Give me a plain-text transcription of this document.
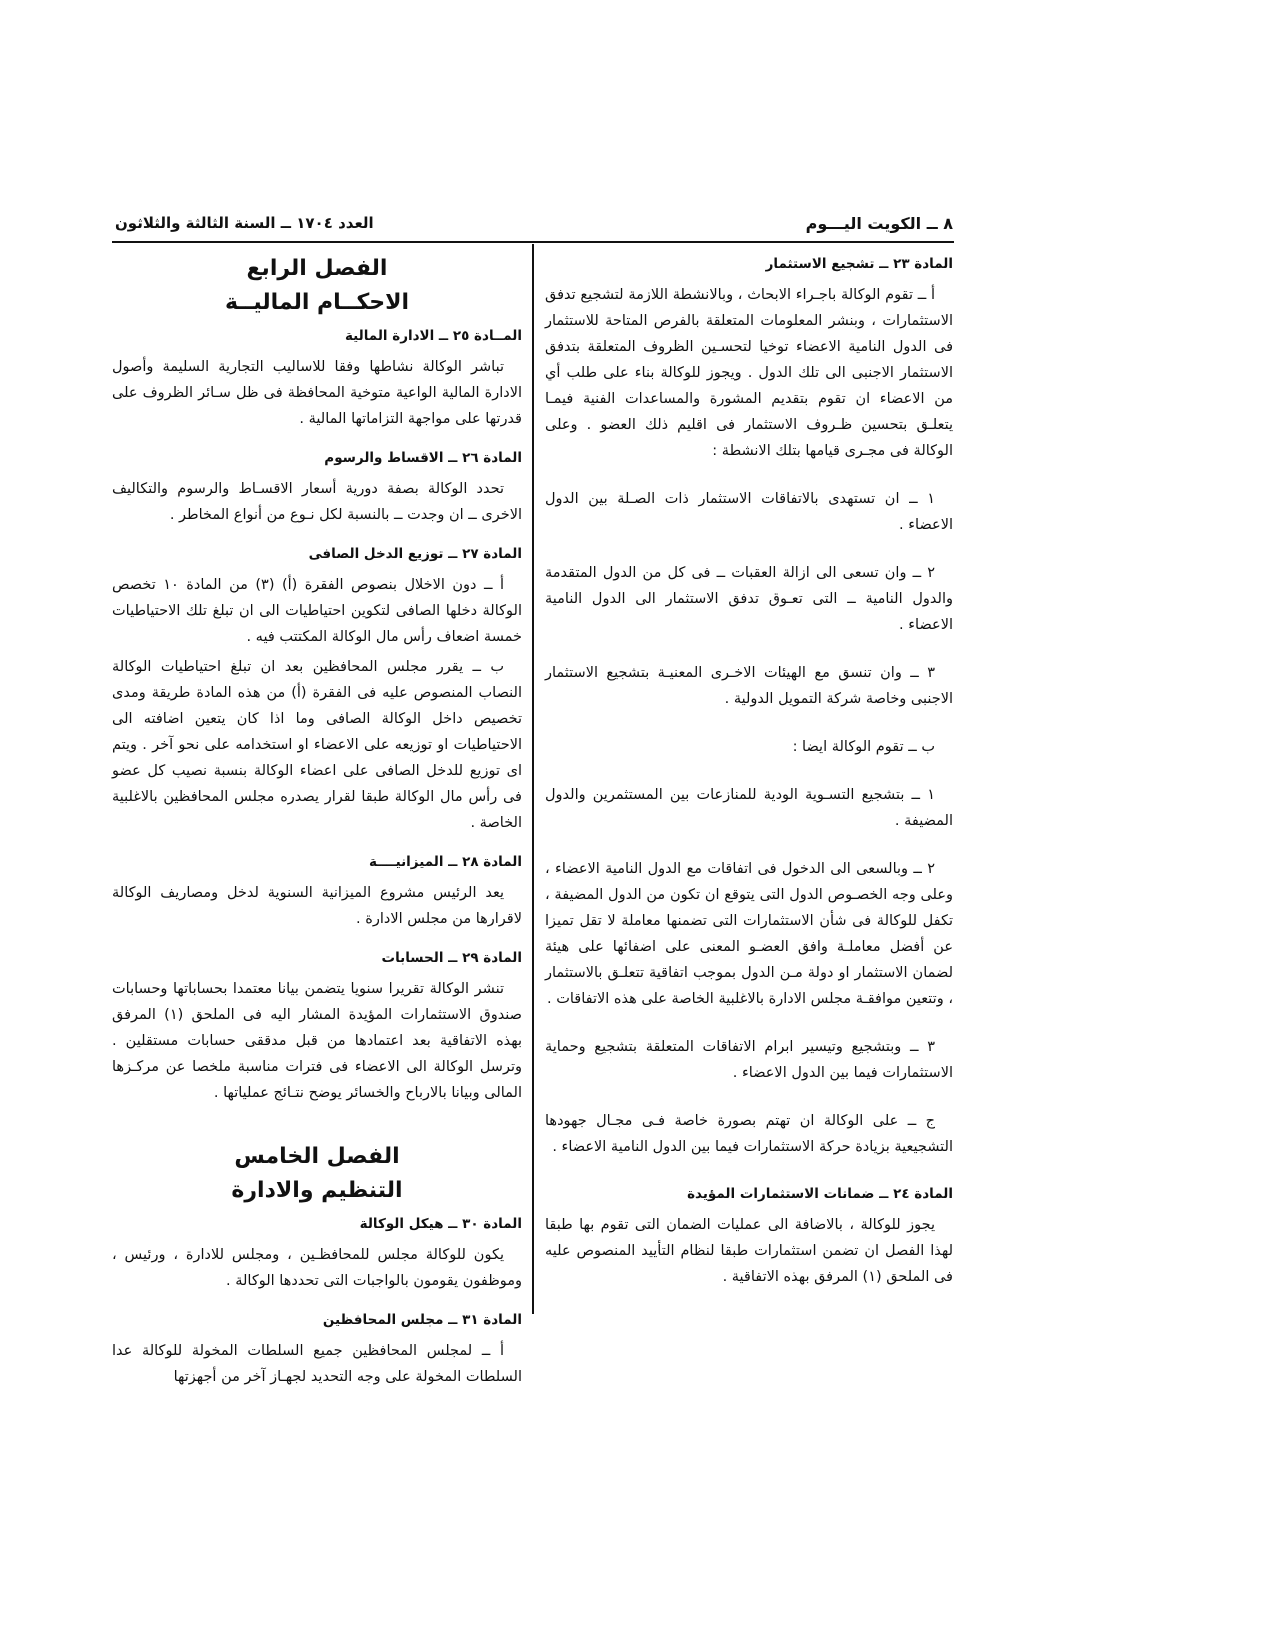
٨ ــ الكويت اليـــوم
العدد ١٧٠٤ ــ السنة الثالثة والثلاثون
المادة ٢٣ ــ تشجيع الاستثمار

أ ــ تقوم الوكالة باجـراء الابحاث ، وبالانشطة اللازمة لتشجيع تدفق الاستثمارات ، وبنشر المعلومات المتعلقة بالفرص المتاحة للاستثمار فى الدول النامية الاعضاء توخيا لتحسـين الظروف المتعلقة بتدفق الاستثمار الاجنبى الى تلك الدول . ويجوز للوكالة بناء على طلب أي من الاعضاء ان تقوم بتقديم المشورة والمساعدات الفنية فيمـا يتعلـق بتحسين ظـروف الاستثمار فى اقليم ذلك العضو . وعلى الوكالة فى مجـرى قيامها بتلك الانشطة :

١ ــ ان تستهدى بالاتفاقات الاستثمار ذات الصـلة بين الدول الاعضاء .

٢ ــ وان تسعى الى ازالة العقبات ــ فى كل من الدول المتقدمة والدول النامية ــ التى تعـوق تدفق الاستثمار الى الدول النامية الاعضاء .

٣ ــ وان تنسق مع الهيئات الاخـرى المعنيـة بتشجيع الاستثمار الاجنبى وخاصة شركة التمويل الدولية .

ب ــ تقوم الوكالة ايضا :

١ ــ بتشجيع التسـوية الودية للمنازعات بين المستثمرين والدول المضيفة .

٢ ــ وبالسعى الى الدخول فى اتفاقات مع الدول النامية الاعضاء ، وعلى وجه الخصـوص الدول التى يتوقع ان تكون من الدول المضيفة ، تكفل للوكالة فى شأن الاستثمارات التى تضمنها معاملة لا تقل تميزا عن أفضل معاملـة وافق العضـو المعنى على اضفائها على هيئة لضمان الاستثمار او دولة مـن الدول بموجب اتفاقية تتعلـق بالاستثمار ، وتتعين موافقـة مجلس الادارة بالاغلبية الخاصة على هذه الاتفاقات .

٣ ــ وبتشجيع وتيسير ابرام الاتفاقات المتعلقة بتشجيع وحماية الاستثمارات فيما بين الدول الاعضاء .

ج ــ على الوكالة ان تهتم بصورة خاصة فـى مجـال جهودها التشجيعية بزيادة حركة الاستثمارات فيما بين الدول النامية الاعضاء .

المادة ٢٤ ــ ضمانات الاستثمارات المؤيدة

يجوز للوكالة ، بالاضافة الى عمليات الضمان التى تقوم بها طبقا لهذا الفصل ان تضمن استثمارات طبقا لنظام التأييد المنصوص عليه فى الملحق (١) المرفق بهذه الاتفاقية .

الفصل الرابع
الاحكــام الماليــة
المــادة ٢٥ ــ الادارة المالية

تباشر الوكالة نشاطها وفقا للاساليب التجارية السليمة وأصول الادارة المالية الواعية متوخية المحافظة فى ظل سـائر الظروف على قدرتها على مواجهة التزاماتها المالية .

المادة ٢٦ ــ الاقساط والرسوم

تحدد الوكالة بصفة دورية أسعار الاقسـاط والرسوم والتكاليف الاخرى ــ ان وجدت ــ بالنسبة لكل نـوع من أنواع المخاطر .

المادة ٢٧ ــ توزيع الدخل الصافى

أ ــ دون الاخلال بنصوص الفقرة (أ) (٣) من المادة ١٠ تخصص الوكالة دخلها الصافى لتكوين احتياطيات الى ان تبلغ تلك الاحتياطيات خمسة اضعاف رأس مال الوكالة المكتتب فيه .

ب ــ يقرر مجلس المحافظين بعد ان تبلغ احتياطيات الوكالة النصاب المنصوص عليه فى الفقرة (أ) من هذه المادة طريقة ومدى تخصيص داخل الوكالة الصافى وما اذا كان يتعين اضافته الى الاحتياطيات او توزيعه على الاعضاء او استخدامه على نحو آخر . ويتم اى توزيع للدخل الصافى على اعضاء الوكالة بنسبة نصيب كل عضو فى رأس مال الوكالة طبقا لقرار يصدره مجلس المحافظين بالاغلبية الخاصة .

المادة ٢٨ ــ الميزانيــــة

يعد الرئيس مشروع الميزانية السنوية لدخل ومصاريف الوكالة لاقرارها من مجلس الادارة .

المادة ٢٩ ــ الحسابات

تنشر الوكالة تقريرا سنويا يتضمن بيانا معتمدا بحساباتها وحسابات صندوق الاستثمارات المؤيدة المشار اليه فى الملحق (١) المرفق بهذه الاتفاقية بعد اعتمادها من قبل مدققى حسابات مستقلين . وترسل الوكالة الى الاعضاء فى فترات مناسبة ملخصا عن مركـزها المالى وبيانا بالارباح والخسائر يوضح نتـائج عملياتها .

الفصل الخامس
التنظيم والادارة
المادة ٣٠ ــ هيكل الوكالة

يكون للوكالة مجلس للمحافظـين ، ومجلس للادارة ، ورئيس ، وموظفون يقومون بالواجبات التى تحددها الوكالة .

المادة ٣١ ــ مجلس المحافظين

أ ــ لمجلس المحافظين جميع السلطات المخولة للوكالة عدا السلطات المخولة على وجه التحديد لجهـاز آخر من أجهزتها
